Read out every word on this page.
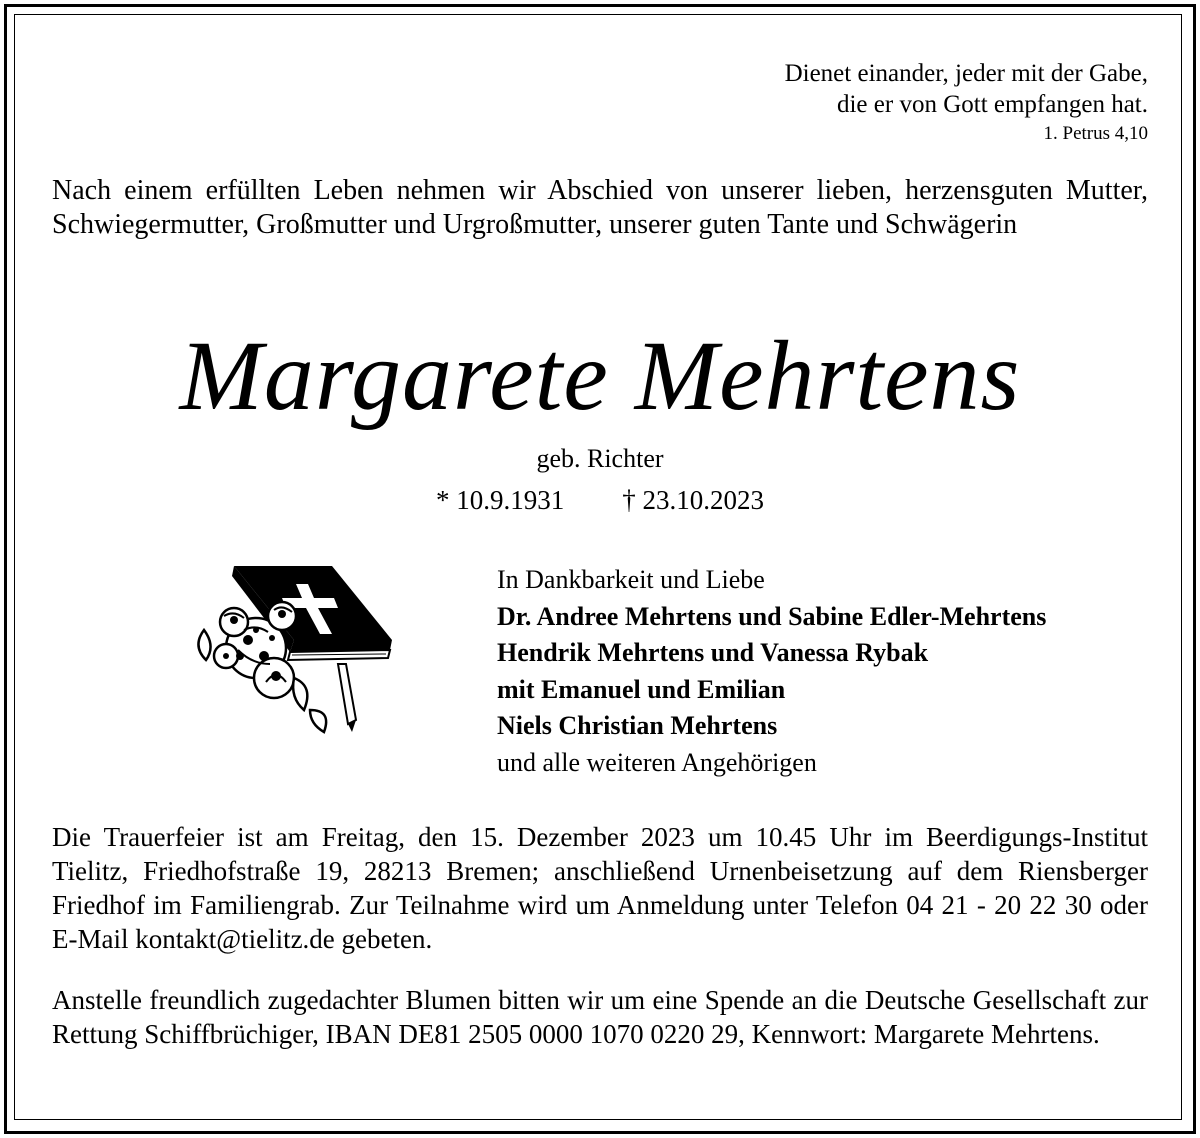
Dienet einander, jeder mit der Gabe,
die er von Gott empfangen hat.
1. Petrus 4,10
Nach einem erfüllten Leben nehmen wir Abschied von unserer lieben, herzensguten Mutter, Schwiegermutter, Großmutter und Urgroßmutter, unserer guten Tante und Schwägerin
Margarete Mehrtens
geb. Richter
* 10.9.1931 † 23.10.2023
In Dankbarkeit und Liebe
Dr. Andree Mehrtens und Sabine Edler-Mehrtens
Hendrik Mehrtens und Vanessa Rybak
mit Emanuel und Emilian
Niels Christian Mehrtens
und alle weiteren Angehörigen
Die Trauerfeier ist am Freitag, den 15. Dezember 2023 um 10.45 Uhr im Beerdigungs-Institut Tielitz, Friedhofstraße 19, 28213 Bremen; anschließend Urnenbeisetzung auf dem Riensberger Friedhof im Familiengrab. Zur Teilnahme wird um Anmeldung unter Telefon 04 21 - 20 22 30 oder E-Mail kontakt@tielitz.de gebeten.
Anstelle freundlich zugedachter Blumen bitten wir um eine Spende an die Deutsche Gesellschaft zur Rettung Schiffbrüchiger, IBAN DE81 2505 0000 1070 0220 29, Kennwort: Margarete Mehrtens.
